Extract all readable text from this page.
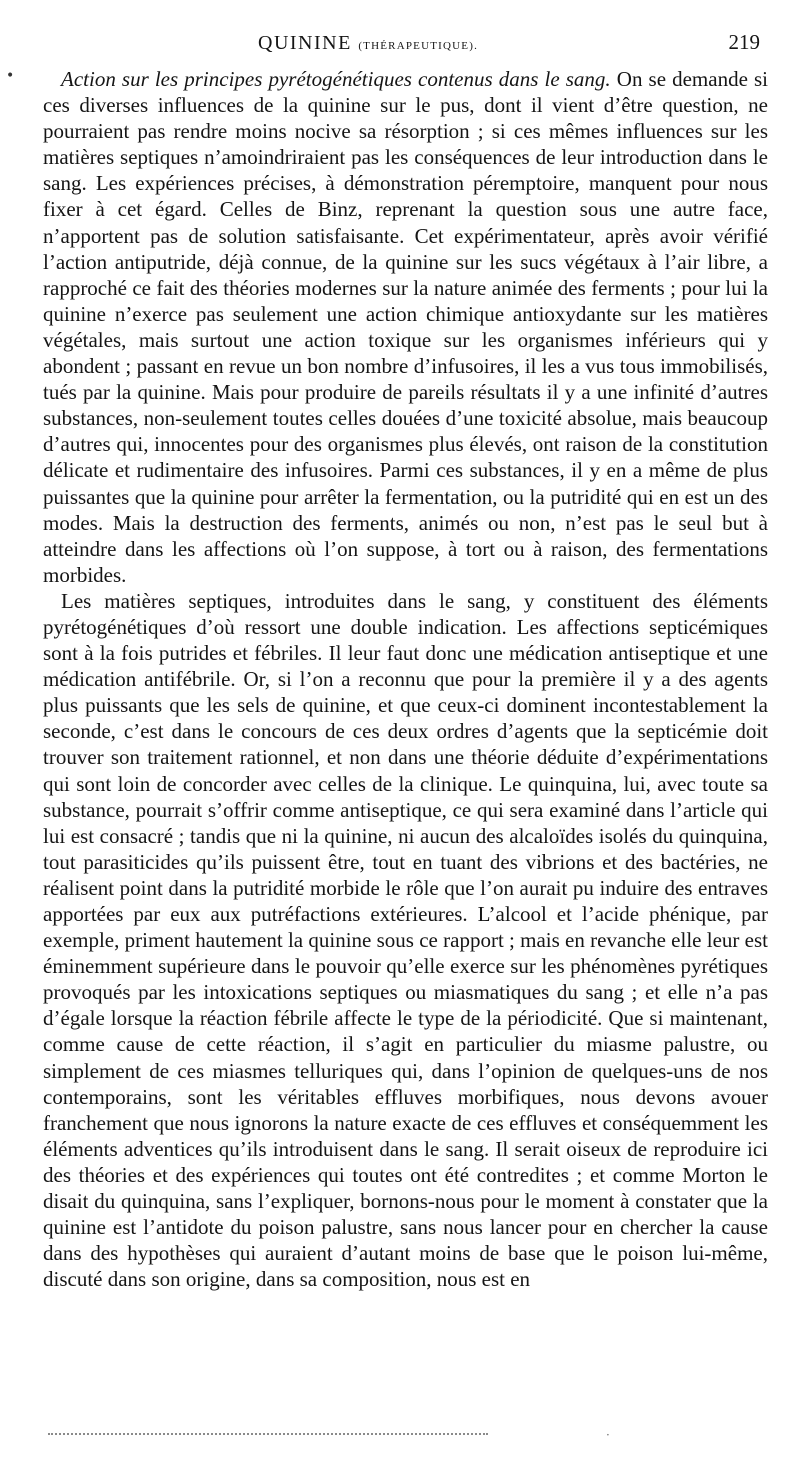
QUININE (THÉRAPEUTIQUE).	219
•	Action sur les principes pyrétogénétiques contenus dans le sang. On se demande si ces diverses influences de la quinine sur le pus, dont il vient d’être question, ne pourraient pas rendre moins nocive sa résorption ; si ces mêmes influences sur les matières septiques n’amoindriraient pas les conséquences de leur introduction dans le sang. Les expériences précises, à démonstration péremptoire, manquent pour nous fixer à cet égard. Celles de Binz, reprenant la question sous une autre face, n’apportent pas de solution satisfaisante. Cet expérimentateur, après avoir vérifié l’action antiputride, déjà connue, de la quinine sur les sucs végétaux à l’air libre, a rapproché ce fait des théories modernes sur la nature animée des ferments ; pour lui la quinine n’exerce pas seulement une action chimique antioxydante sur les matières végétales, mais surtout une action toxique sur les organismes inférieurs qui y abondent ; passant en revue un bon nombre d’infusoires, il les a vus tous immobilisés, tués par la quinine. Mais pour produire de pareils résultats il y a une infinité d’autres substances, non-seulement toutes celles douées d’une toxicité absolue, mais beaucoup d’autres qui, innocentes pour des organismes plus élevés, ont raison de la constitution délicate et rudimentaire des infusoires. Parmi ces substances, il y en a même de plus puissantes que la quinine pour arrêter la fermentation, ou la putridité qui en est un des modes. Mais la destruction des ferments, animés ou non, n’est pas le seul but à atteindre dans les affections où l’on suppose, à tort ou à raison, des fermentations morbides.

Les matières septiques, introduites dans le sang, y constituent des éléments pyrétogénétiques d’où ressort une double indication. Les affections septicémiques sont à la fois putrides et fébriles. Il leur faut donc une médication antiseptique et une médication antifébrile. Or, si l’on a reconnu que pour la première il y a des agents plus puissants que les sels de quinine, et que ceux-ci dominent incontestablement la seconde, c’est dans le concours de ces deux ordres d’agents que la septicémie doit trouver son traitement rationnel, et non dans une théorie déduite d’expérimentations qui sont loin de concorder avec celles de la clinique. Le quinquina, lui, avec toute sa substance, pourrait s’offrir comme antiseptique, ce qui sera examiné dans l’article qui lui est consacré ; tandis que ni la quinine, ni aucun des alcaloïdes isolés du quinquina, tout parasiticides qu’ils puissent être, tout en tuant des vibrions et des bactéries, ne réalisent point dans la putridité morbide le rôle que l’on aurait pu induire des entraves apportées par eux aux putréfactions extérieures. L’alcool et l’acide phénique, par exemple, priment hautement la quinine sous ce rapport ; mais en revanche elle leur est éminemment supérieure dans le pouvoir qu’elle exerce sur les phénomènes pyrétiques provoqués par les intoxications septiques ou miasmatiques du sang ; et elle n’a pas d’égale lorsque la réaction fébrile affecte le type de la périodicité. Que si maintenant, comme cause de cette réaction, il s’agit en particulier du miasme palustre, ou simplement de ces miasmes telluriques qui, dans l’opinion de quelques-uns de nos contemporains, sont les véritables effluves morbifiques, nous devons avouer franchement que nous ignorons la nature exacte de ces effluves et conséquemment les éléments adventices qu’ils introduisent dans le sang. Il serait oiseux de reproduire ici des théories et des expériences qui toutes ont été contredites ; et comme Morton le disait du quinquina, sans l’expliquer, bornons-nous pour le moment à constater que la quinine est l’antidote du poison palustre, sans nous lancer pour en chercher la cause dans des hypothèses qui auraient d’autant moins de base que le poison lui-même, discuté dans son origine, dans sa composition, nous est en

·
